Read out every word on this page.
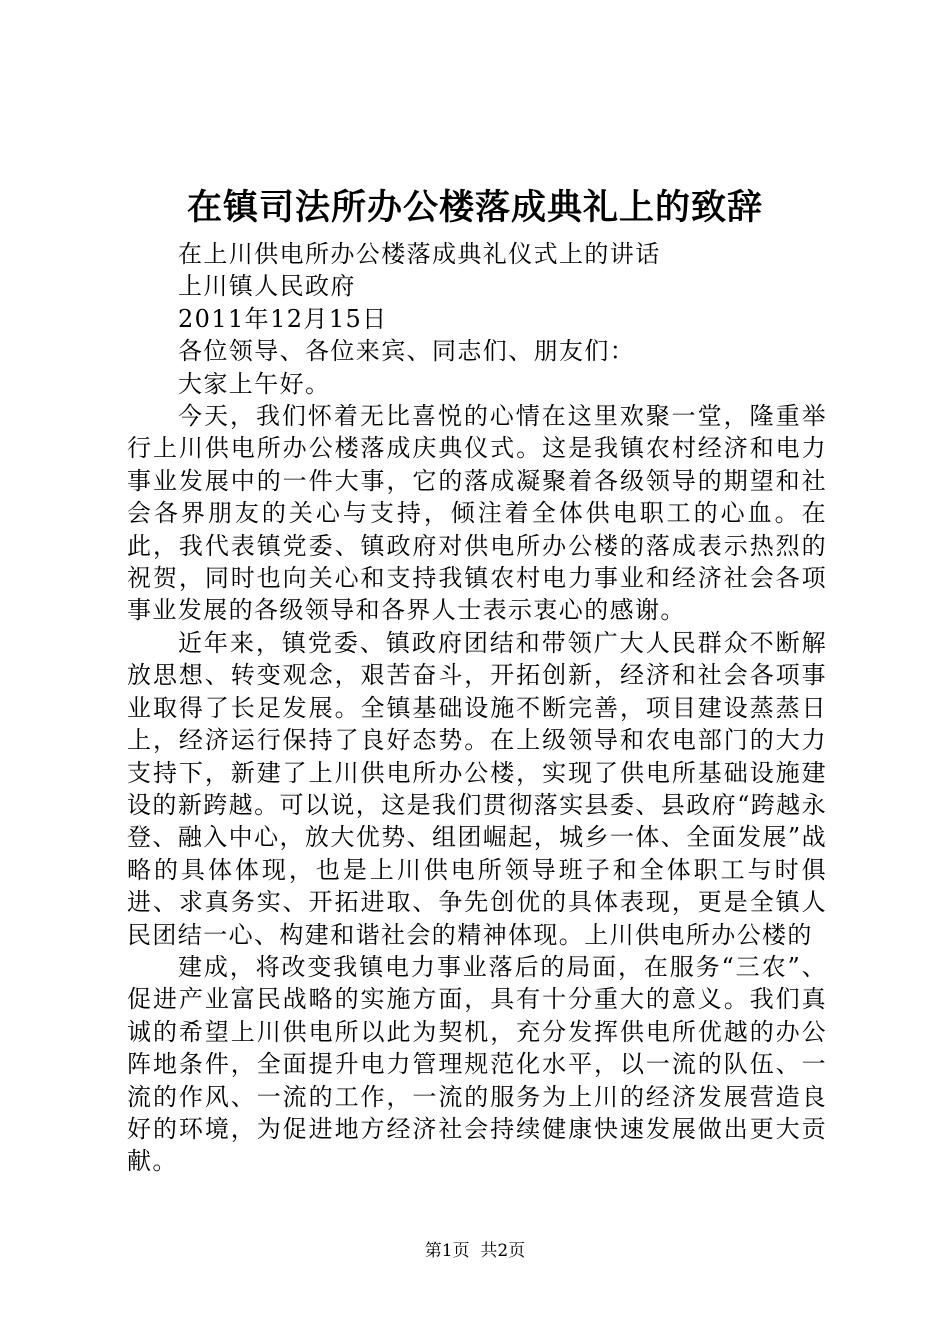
在镇司法所办公楼落成典礼上的致辞
在上川供电所办公楼落成典礼仪式上的讲话
上川镇人民政府
2011年12月15日
各位领导、各位来宾、同志们、朋友们：
大家上午好。

今天，我们怀着无比喜悦的心情在这里欢聚一堂，隆重举行上川供电所办公楼落成庆典仪式。这是我镇农村经济和电力事业发展中的一件大事，它的落成凝聚着各级领导的期望和社会各界朋友的关心与支持，倾注着全体供电职工的心血。在此，我代表镇党委、镇政府对供电所办公楼的落成表示热烈的祝贺，同时也向关心和支持我镇农村电力事业和经济社会各项事业发展的各级领导和各界人士表示衷心的感谢。

近年来，镇党委、镇政府团结和带领广大人民群众不断解放思想、转变观念，艰苦奋斗，开拓创新，经济和社会各项事业取得了长足发展。全镇基础设施不断完善，项目建设蒸蒸日上，经济运行保持了良好态势。在上级领导和农电部门的大力支持下，新建了上川供电所办公楼，实现了供电所基础设施建设的新跨越。可以说，这是我们贯彻落实县委、县政府“跨越永登、融入中心，放大优势、组团崛起，城乡一体、全面发展”战略的具体体现，也是上川供电所领导班子和全体职工与时俱进、求真务实、开拓进取、争先创优的具体表现，更是全镇人民团结一心、构建和谐社会的精神体现。上川供电所办公楼的

建成，将改变我镇电力事业落后的局面，在服务“三农”、促进产业富民战略的实施方面，具有十分重大的意义。我们真诚的希望上川供电所以此为契机，充分发挥供电所优越的办公阵地条件，全面提升电力管理规范化水平，以一流的队伍、一流的作风、一流的工作，一流的服务为上川的经济发展营造良好的环境，为促进地方经济社会持续健康快速发展做出更大贡献。

第1页 共2页
